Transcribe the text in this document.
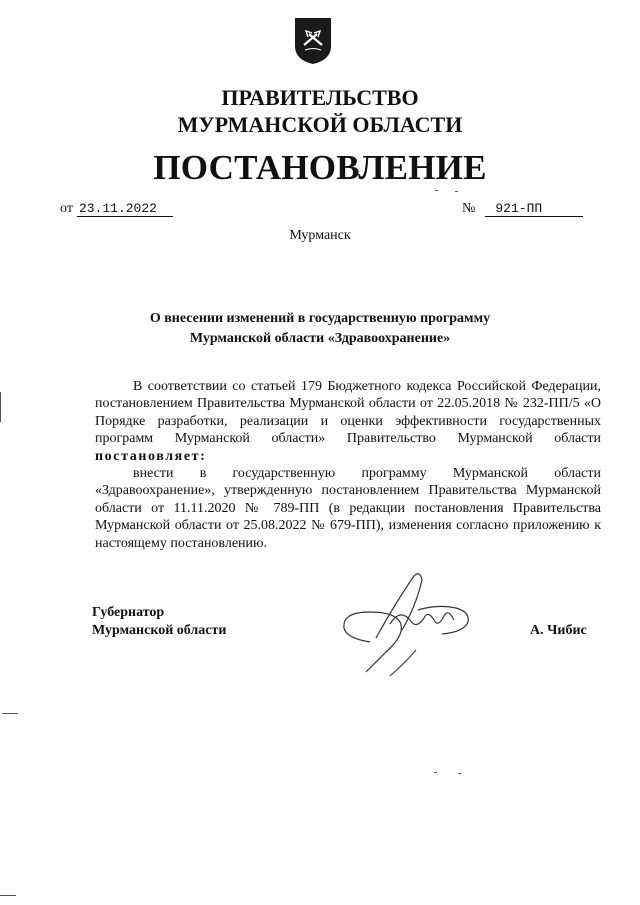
ПРАВИТЕЛЬСТВО
МУРМАНСКОЙ ОБЛАСТИ
ПОСТАНОВЛЕНИЕ
от 23.11.2022	№ 921-ПП
Мурманск
О внесении изменений в государственную программу
Мурманской области «Здравоохранение»

В соответствии со статьей 179 Бюджетного кодекса Российской Федерации, постановлением Правительства Мурманской области от 22.05.2018 № 232-ПП/5 «О Порядке разработки, реализации и оценки эффективности государственных программ Мурманской области» Правительство Мурманской области постановляет:

внести в государственную программу Мурманской области «Здравоохранение», утвержденную постановлением Правительства Мурманской области от 11.11.2020 № 789-ПП (в редакции постановления Правительства Мурманской области от 25.08.2022 № 679-ПП), изменения согласно приложению к настоящему постановлению.

Губернатор
Мурманской области	А. Чибис
